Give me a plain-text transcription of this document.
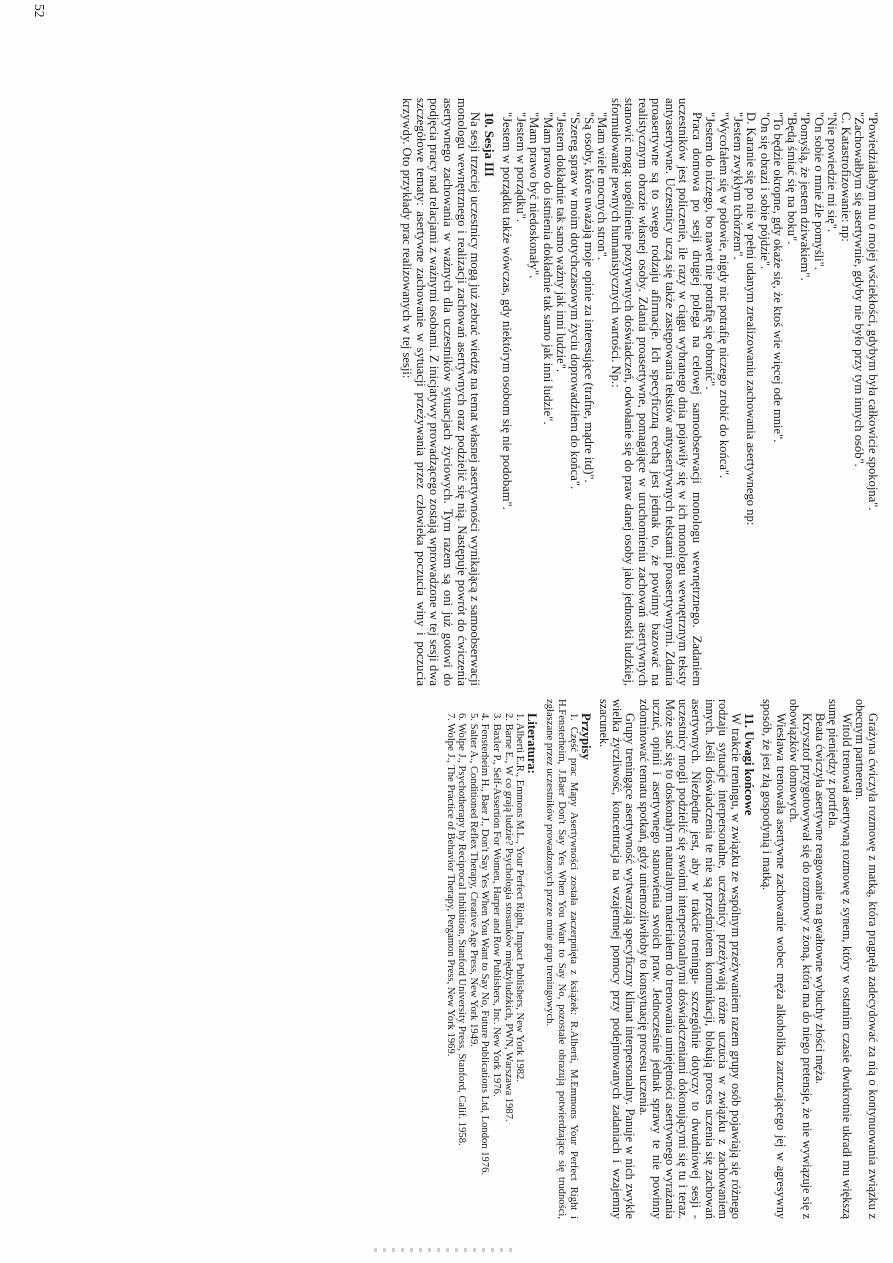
"Powiedziałabym mu o mojej wściekłości, gdybym była całkowicie spokojna".

"Zachowałbym się asertywnie, gdyby nie było przy tym innych osób".

C. Katastrofizowanie: np:

"Nie powiedzie mi się".

"On sobie o mnie źle pomyśli".

"Pomyślą, że jestem dziwakiem".

"Będą śmiać się na boku".

"To będzie okropne, gdy okaże się, że ktoś wie więcej ode mnie".

"On się obrazi i sobie pójdzie".

D. Karanie się po nie w pełni udanym zrealizowaniu zachowania asertywnego np:

"Jestem zwykłym tchórzem".

"Wycofałem się w połowie, nigdy nic potrafię niczego zrobić do końca".

"Jestem do niczego, bo nawet nie potrafię się obronić".

Praca domowa po sesji drugiej polega na celowej samoobserwacji monologu wewnętrznego. Zadaniem uczestników jest policzenie, ile razy w ciągu wybranego dnia pojawiły się w ich monologu wewnętrznym teksty antyasertywne. Uczestnicy uczą się także zastępowania tekstów antyasertywnych tekstami proasertywnymi. Zdania proasertywne są to swego rodzaju afirmacje. Ich specyficzną cechą jest jednak to, że powinny bazować na realistycznym obrazie własnej osoby. Zdania proasertywne, pomagające w uruchomieniu zachowań asertywnych stanowić mogą: uogólnienie pozytywnych doświadczeń, odwołanie się do praw danej osoby jako jednostki ludzkiej, sformułowanie pewnych humanistycznych wartości. Np.:

"Mam wiele mocnych stron".

"Są osoby, które uważają moje opinie za interesujące (trafne, mądre itd)".

"Szereg spraw w moim dotychczasowym życiu doprowadziłem do końca".

"Jestem dokładnie tak samo ważny jak inni ludzie".

"Mam prawo do istnienia dokładnie tak samo jak inni ludzie".

"Mam prawo być niedoskonały".

"Jestem w porządku".

"Jestem w porządku także wówczas, gdy niektórym osobom się nie podobam".

10. Sesja III

Na sesji trzeciej uczestnicy mogą już zebrać wiedzę na temat własnej asertywności wynikającą z samoobserwacji monologu wewnętrznego i realizacji zachowań asertywnych oraz podzielić się nią. Następuje powrót do ćwiczenia asertywnego zachowania w ważnych dla uczestników sytuacjach życiowych. Tym razem są oni już gotowi do podjęcia pracy nad relacjami z ważnymi osobami. Z inicjatywy prowadzącego zostają wprowadzone w tej sesji dwa szczegółowe tematy: asertywne zachowanie w sytuacji przeżywania przez człowieka poczucia winy i poczucia krzywdy. Oto przykłady prac realizowanych w tej sesji:

Grażyna ćwiczyła rozmowę z matką, która pragnęła zadecydować za nią o kontynuowania związku z obecnym partnerem.

Witold trenował asertywną rozmowę z synem, który w ostatnim czasie dwukrotnie ukradł mu większą sumę pieniędzy z portfela.

Beata ćwiczyła asertywne reagowanie na gwałtowne wybuchy złości męża.

Krzysztof przygotowywał się do rozmowy z żoną, która ma do niego pretensje, że nie wywiązuje się z obowiązków domowych.

Wiesława trenowała asertywne zachowanie wobec męża alkoholika zarzucającego jej w agresywny sposób, że jest złą gospodynią i matką.

11. Uwagi końcowe

W trakcie treningu, w związku ze wspólnym przeżywaniem razem grupy osób pojawiają się różnego rodzaju sytuacje interpersonalne, uczestnicy przeżywają różne uczucia w związku z zachowaniem innych. Jeśli doświadczenia te nie są przedmiotem komunikacji, blokują proces uczenia się zachowań asertywnych. Niezbędne jest, aby w trakcie treningu- szczególnie dotyczy to dwudniowej sesji - uczestnicy mogli podzielić się swoimi interpersonalnymi doświadczeniami dokonującymi się tu i teraz. Może stać się to doskonałym naturalnym materiałem do trenowania umiejętności asertywnego wyrażania uczuć, opinii i asertywnego stanowienia swoich praw. Jednocześnie jednak sprawy te nie powinny zdominować tematu spotkań, gdyż uniemożliwiłoby to konsytuację procesu uczenia.

Grupy treningące asertywność wytwarzają specyficzny klimat interpersonalny. Panuje w nich zwykle wielka życzliwość, koncentracja na wzajemnej pomocy przy podejmowanych zadaniach i wzajemny szacunek.

Przypisy

1. Część prac Mapy Asertywności została zaczerpnięta z książek: R.Alberti, M.Emmons Your Perfect Right i H.Fensterheim, J.Baer Don't Say Yes When You Want to Say No, pozostałe obrazują potwierdzające się trudności, zgłaszane przez uczestników prowadzonych przeze mnie grup treningowych.

Literatura:

1. Alberti E.R., Emmons M.L., Your Perfect Right, Impact Publishers, New York 1982.

2. Barne E., W co grają ludzie? Psychologia stosunków międzyludzkich, PWN, Warszawa 1987.

3. Baxler P., Self-Assertion For Women, Harper and Row Publishers, Inc. New York 1976.

4. Fensterheim H., Baer J., Don't Say Yes When You Want to Say No, Future Publications Ltd, London 1976.

5. Salter A., Conditioned Reflex Therapy, Creative Age Press, New York 1949.

6. Wolpe J., Psychotherapy by Reciprocal Inhibition, Stanford University Press, Stanford, Calif. 1958.

7. Wolpe J., The Practice of Behavior Therapy, Pergamon Press, New York 1969.

52
